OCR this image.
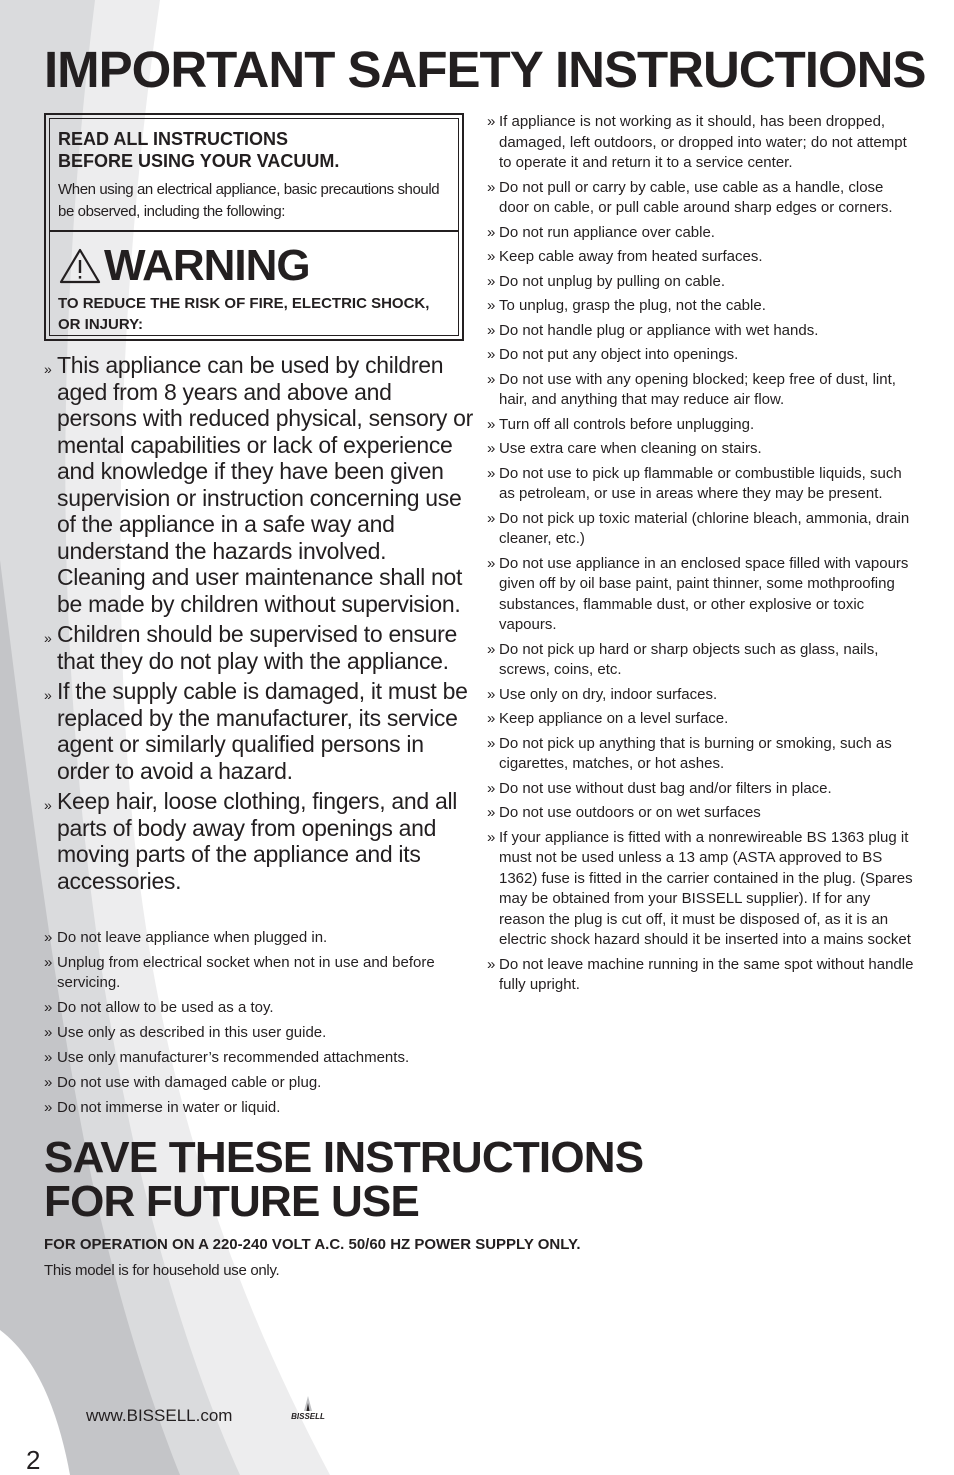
IMPORTANT SAFETY INSTRUCTIONS
READ ALL INSTRUCTIONS
BEFORE USING YOUR VACUUM.
When using an electrical appliance, basic precautions should be observed, including the following:
WARNING
TO REDUCE THE RISK OF FIRE, ELECTRIC SHOCK, OR INJURY:
» This appliance can be used by children aged from 8 years and above and persons with reduced physical, sensory or mental capabilities or lack of experience and knowledge if they have been given supervision or instruction concerning use of the appliance in a safe way and understand the hazards involved. Cleaning and user maintenance shall not be made by children without supervision.
» Children should be supervised to ensure that they do not play with the appliance.
» If the supply cable is damaged, it must be replaced by the manufacturer, its service agent or similarly qualified persons in order to avoid a hazard.
» Keep hair, loose clothing, fingers, and all parts of body away from openings and moving parts of the appliance and its accessories.
» Do not leave appliance when plugged in.
» Unplug from electrical socket when not in use and before servicing.
» Do not allow to be used as a toy.
» Use only as described in this user guide.
» Use only manufacturer’s recommended attachments.
» Do not use with damaged cable or plug.
» Do not immerse in water or liquid.
» If appliance is not working as it should, has been dropped, damaged, left outdoors, or dropped into water; do not attempt to operate it and return it to a service center.
» Do not pull or carry by cable, use cable as a handle, close door on cable, or pull cable around sharp edges or corners.
» Do not run appliance over cable.
» Keep cable away from heated surfaces.
» Do not unplug by pulling on cable.
» To unplug, grasp the plug, not the cable.
» Do not handle plug or appliance with wet hands.
» Do not put any object into openings.
» Do not use with any opening blocked; keep free of dust, lint, hair, and anything that may reduce air flow.
» Turn off all controls before unplugging.
» Use extra care when cleaning on stairs.
» Do not use to pick up flammable or combustible liquids, such as petroleam, or use in areas where they may be present.
» Do not pick up toxic material (chlorine bleach, ammonia, drain cleaner, etc.)
» Do not use appliance in an enclosed space filled with vapours given off by oil base paint, paint thinner, some mothproofing substances, flammable dust, or other explosive or toxic vapours.
» Do not pick up hard or sharp objects such as glass, nails, screws, coins, etc.
» Use only on dry, indoor surfaces.
» Keep appliance on a level surface.
» Do not pick up anything that is burning or smoking, such as cigarettes, matches, or hot ashes.
» Do not use without dust bag and/or filters in place.
» Do not use outdoors or on wet surfaces
» If your appliance is fitted with a nonrewireable BS 1363 plug it must not be used unless a 13 amp (ASTA approved to BS 1362) fuse is fitted in the carrier contained in the plug. (Spares may be obtained from your BISSELL supplier). If for any reason the plug is cut off, it must be disposed of, as it is an electric shock hazard should it be inserted into a mains socket
» Do not leave machine running in the same spot without handle fully upright.
SAVE THESE INSTRUCTIONS
FOR FUTURE USE
FOR OPERATION ON A 220-240 VOLT A.C. 50/60 HZ POWER SUPPLY ONLY.
This model is for household use only.
2
www.BISSELL.com	BISSELL
